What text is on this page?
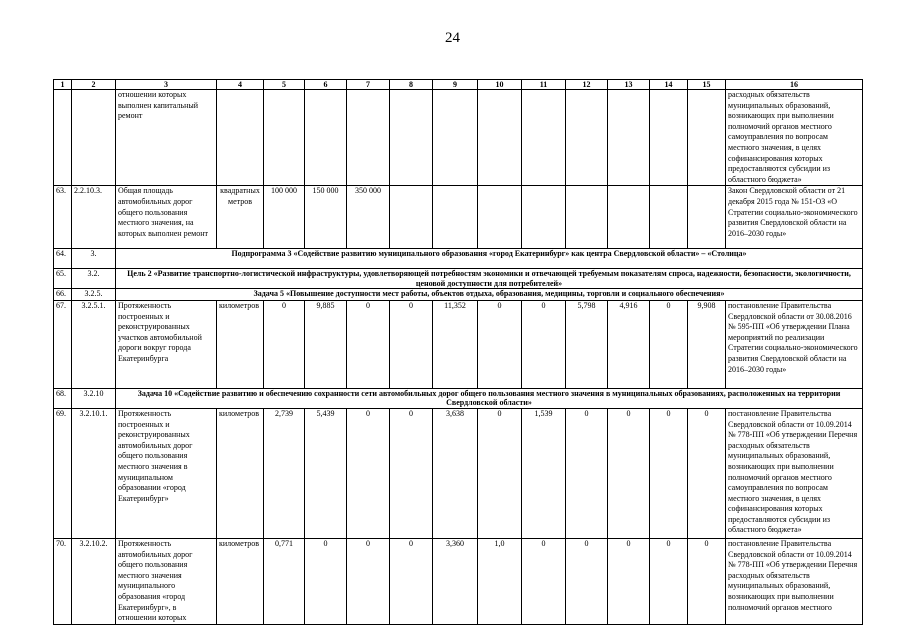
24
1	2	3	4	5	6	7	8	9	10	11	12	13	14	15	16
		отношении которых выполнен капитальный ремонт													расходных обязательств муниципальных образований, возникающих при выполнении полномочий органов местного самоуправления по вопросам местного значения, в целях софинансирования которых предоставляются субсидии из областного бюджета»
63.	2.2.10.3.	Общая площадь автомобильных дорог общего пользования местного значения, на которых выполнен ремонт	квадратных метров	100 000	150 000	350 000									Закон Свердловской области от 21 декабря 2015 года № 151-ОЗ «О Стратегии социально-экономического развития Свердловской области на 2016–2030 годы»
64.	3.	Подпрограмма 3 «Содействие развитию муниципального образования «город Екатеринбург» как центра Свердловской области» – «Столица»													
65.	3.2.	Цель 2 «Развитие транспортно-логистической инфраструктуры, удовлетворяющей потребностям экономики и отвечающей требуемым показателям спроса, надежности, безопасности, экологичности, ценовой доступности для потребителей»													
66.	3.2.5.	Задача 5 «Повышение доступности мест работы, объектов отдыха, образования, медицины, торговли и социального обеспечения»													
67.	3.2.5.1.	Протяженность построенных и реконструированных участков автомобильной дороги вокруг города Екатеринбурга	километров	0	9,885	0	0	11,352	0	0	5,798	4,916	0	9,908	постановление Правительства Свердловской области от 30.08.2016 № 595-ПП «Об утверждении Плана мероприятий по реализации Стратегии социально-экономического развития Свердловской области на 2016–2030 годы»
68.	3.2.10	Задача 10 «Содействие развитию и обеспечению сохранности сети автомобильных дорог общего пользования местного значения в муниципальных образованиях, расположенных на территории Свердловской области»													
69.	3.2.10.1.	Протяженность построенных и реконструированных автомобильных дорог общего пользования местного значения в муниципальном образовании «город Екатеринбург»	километров	2,739	5,439	0	0	3,638	0	1,539	0	0	0	0	постановление Правительства Свердловской области от 10.09.2014 № 778-ПП «Об утверждении Перечня расходных обязательств муниципальных образований, возникающих при выполнении полномочий органов местного самоуправления по вопросам местного значения, в целях софинансирования которых предоставляются субсидии из областного бюджета»
70.	3.2.10.2.	Протяженность автомобильных дорог общего пользования местного значения муниципального образования «город Екатеринбург», в отношении которых	километров	0,771	0	0	0	3,360	1,0	0	0	0	0	0	постановление Правительства Свердловской области от 10.09.2014 № 778-ПП «Об утверждении Перечня расходных обязательств муниципальных образований, возникающих при выполнении полномочий органов местного
